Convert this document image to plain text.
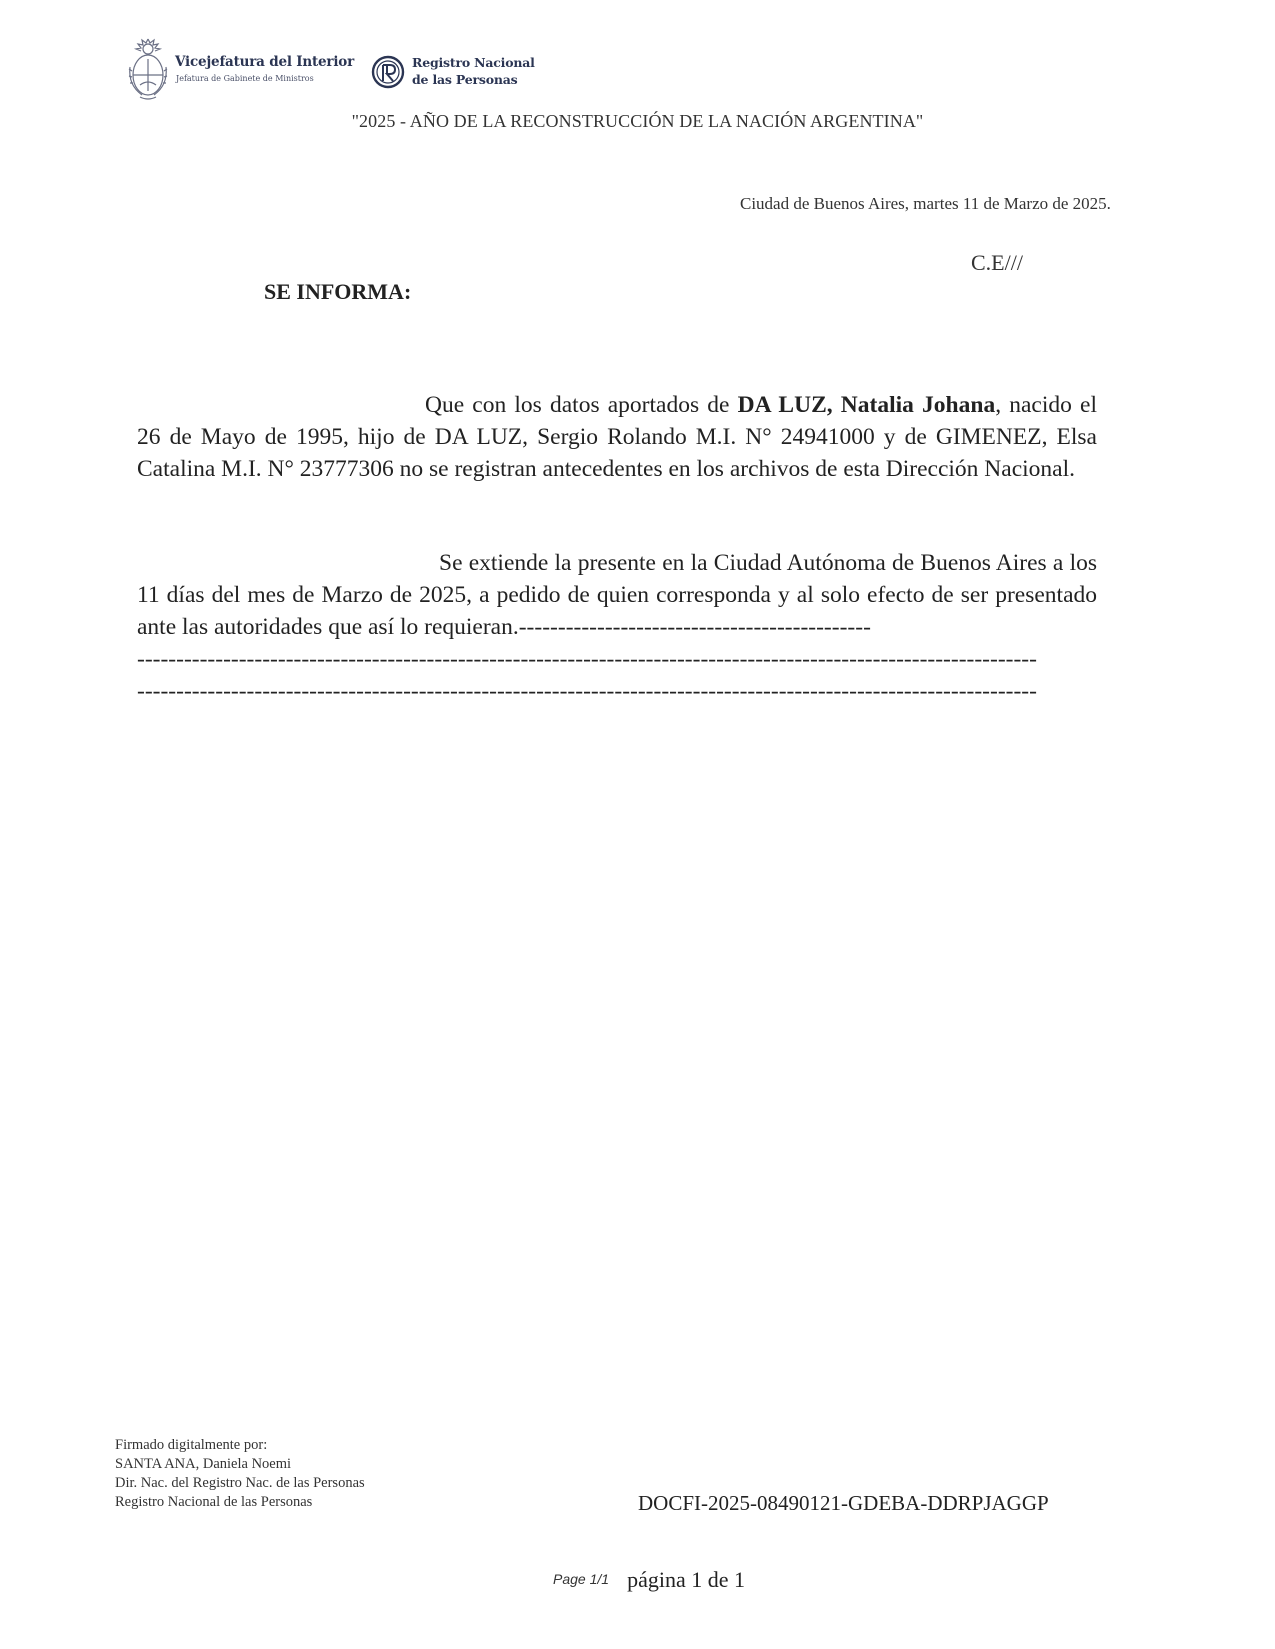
Vicejefatura del Interior
Jefatura de Gabinete de Ministros
Registro Nacional
de las Personas
"2025 - AÑO DE LA RECONSTRUCCIÓN DE LA NACIÓN ARGENTINA"
Ciudad de Buenos Aires, martes 11 de Marzo de 2025.
C.E///
SE INFORMA:
Que con los datos aportados de DA LUZ, Natalia Johana, nacido el 26 de Mayo de 1995, hijo de DA LUZ, Sergio Rolando M.I. N° 24941000 y de GIMENEZ, Elsa Catalina M.I. N° 23777306 no se registran antecedentes en los archivos de esta Dirección Nacional.
Se extiende la presente en la Ciudad Autónoma de Buenos Aires a los 11 días del mes de Marzo de 2025, a pedido de quien corresponda y al solo efecto de ser presentado ante las autoridades que así lo requieran.---------------------------------------------
-------------------------------------------------------------------------------------------------------------------
-------------------------------------------------------------------------------------------------------------------
Firmado digitalmente por:
SANTA ANA, Daniela Noemi
Dir. Nac. del Registro Nac. de las Personas
Registro Nacional de las Personas	DOCFI-2025-08490121-GDEBA-DDRPJAGGP
Page 1/1 página 1 de 1
